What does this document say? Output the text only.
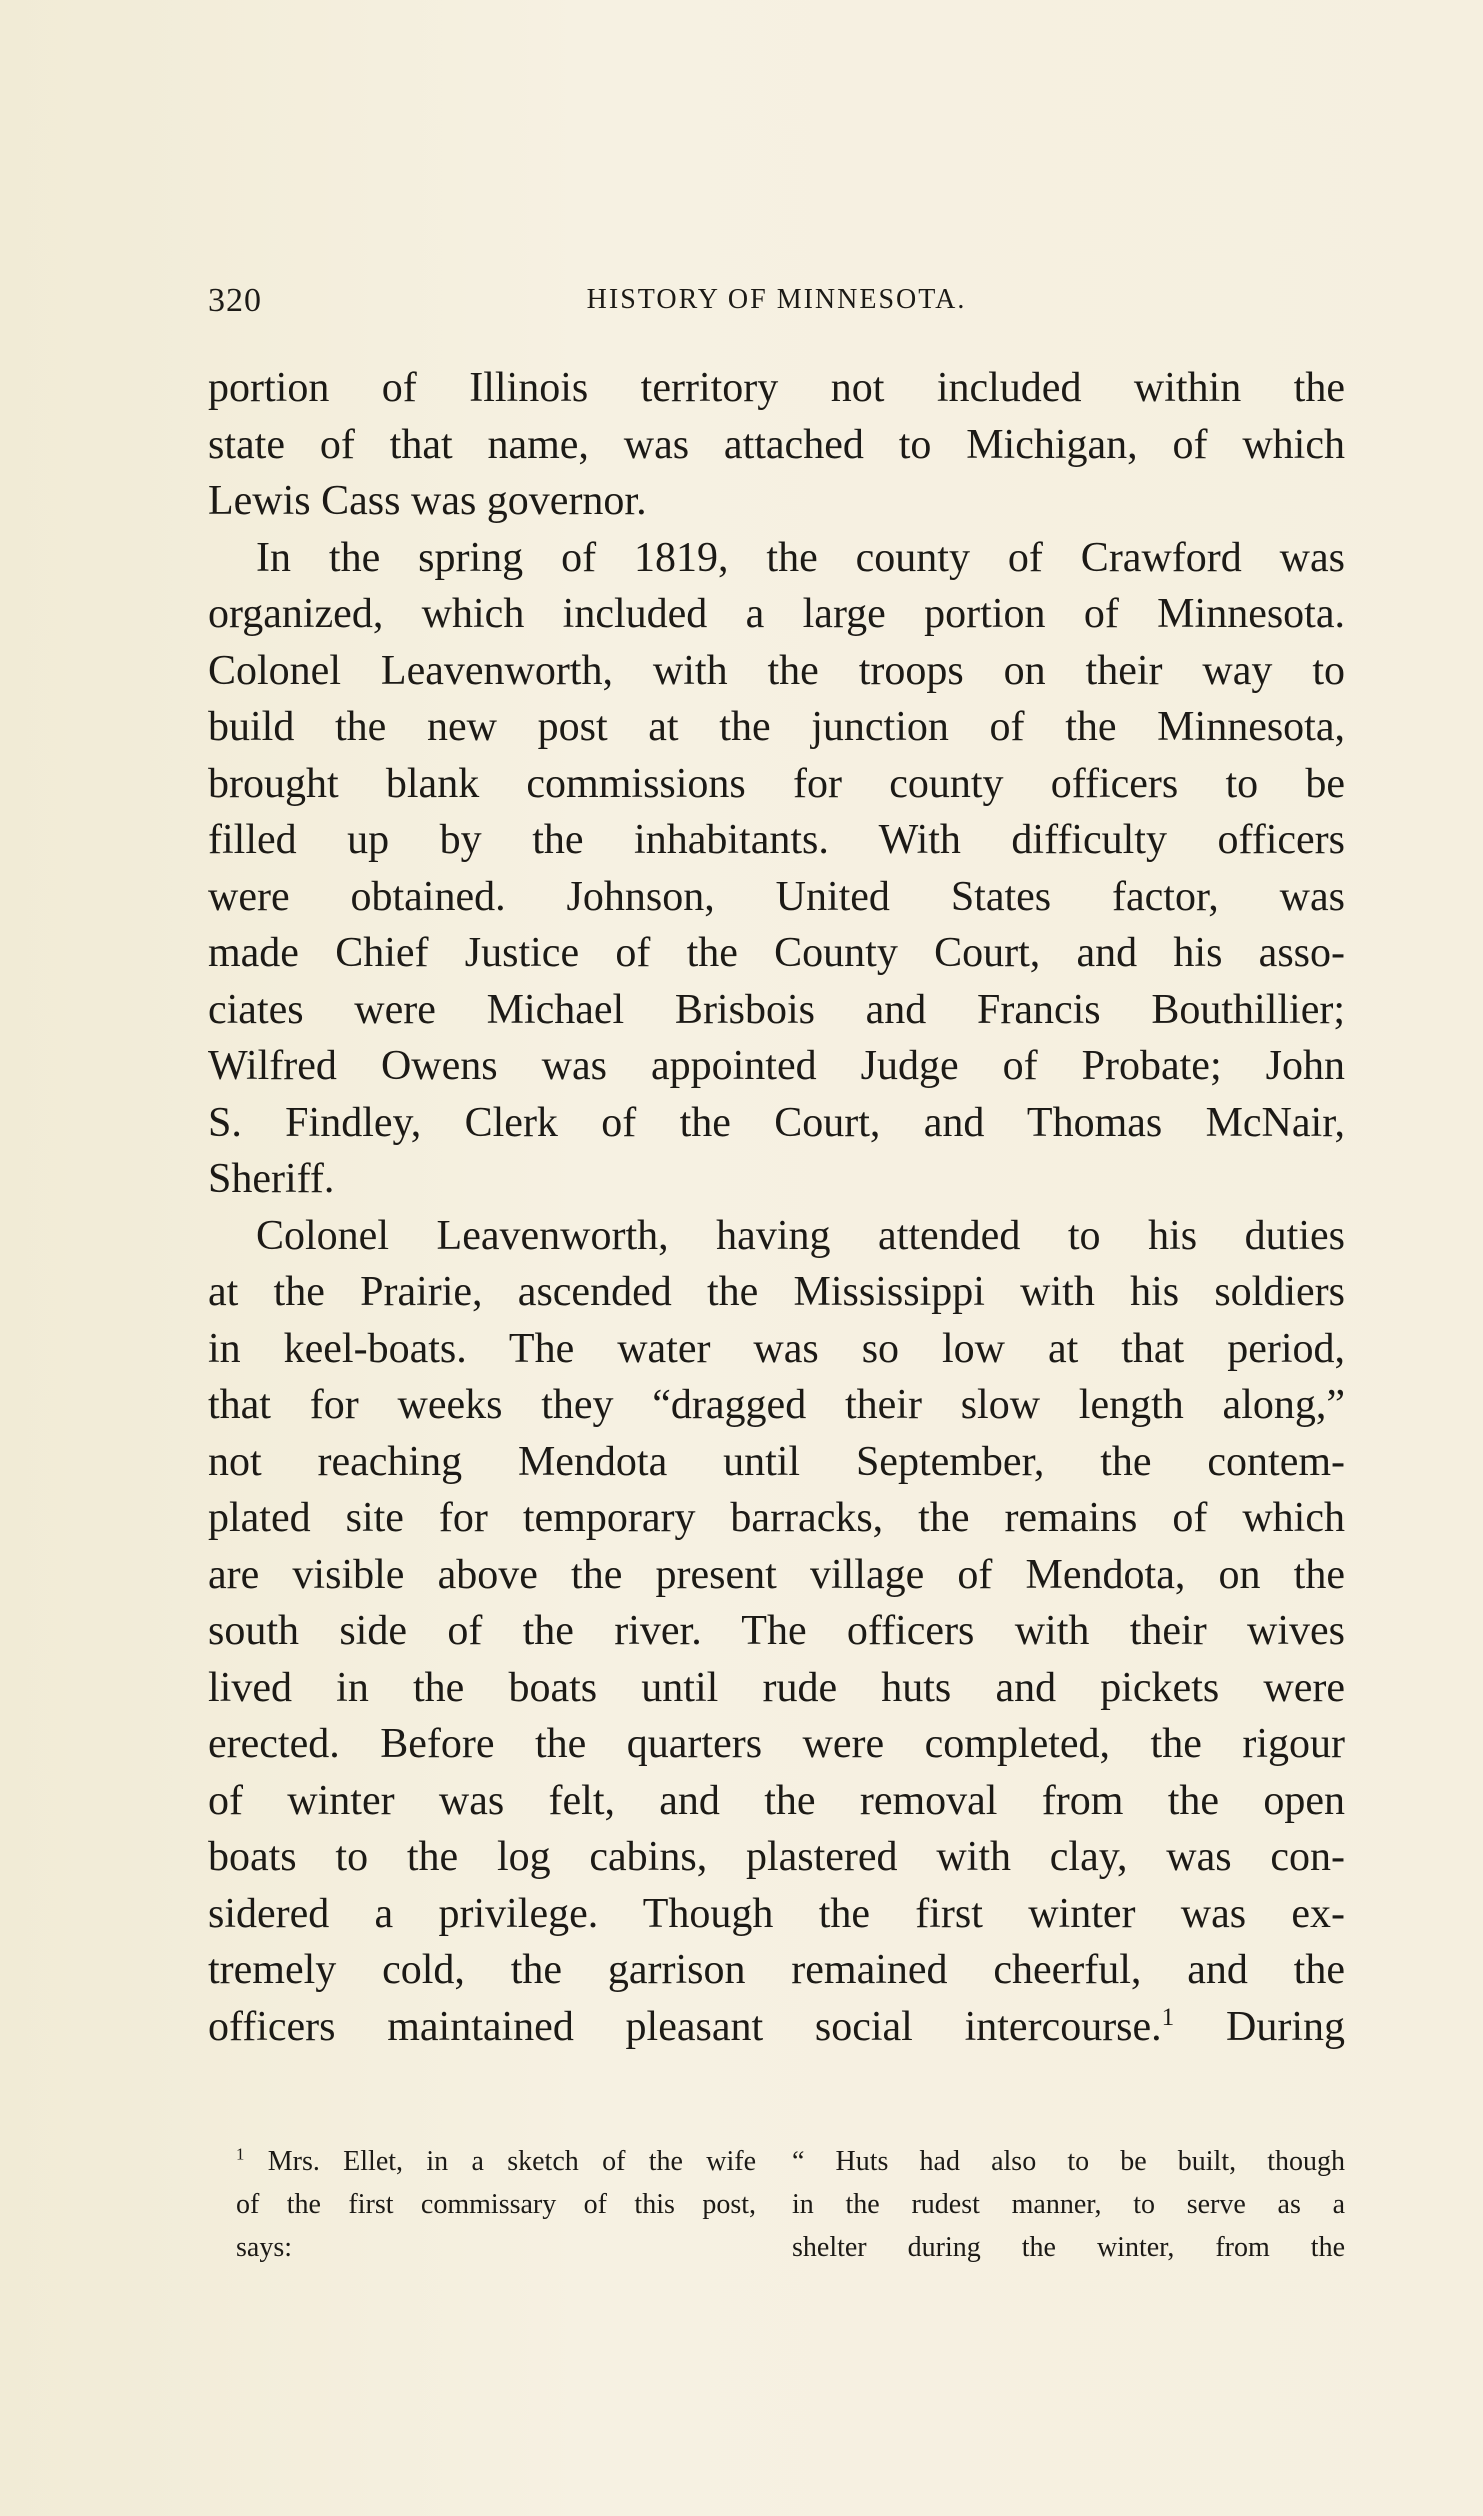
320	HISTORY OF MINNESOTA.
portion of Illinois territory not included within the
state of that name, was attached to Michigan, of which
Lewis Cass was governor.
In the spring of 1819, the county of Crawford was
organized, which included a large portion of Minnesota.
Colonel Leavenworth, with the troops on their way to
build the new post at the junction of the Minnesota,
brought blank commissions for county officers to be
filled up by the inhabitants. With difficulty officers
were obtained. Johnson, United States factor, was
made Chief Justice of the County Court, and his asso-
ciates were Michael Brisbois and Francis Bouthillier;
Wilfred Owens was appointed Judge of Probate; John
S. Findley, Clerk of the Court, and Thomas McNair,
Sheriff.
Colonel Leavenworth, having attended to his duties
at the Prairie, ascended the Mississippi with his soldiers
in keel-boats. The water was so low at that period,
that for weeks they “dragged their slow length along,”
not reaching Mendota until September, the contem-
plated site for temporary barracks, the remains of which
are visible above the present village of Mendota, on the
south side of the river. The officers with their wives
lived in the boats until rude huts and pickets were
erected. Before the quarters were completed, the rigour
of winter was felt, and the removal from the open
boats to the log cabins, plastered with clay, was con-
sidered a privilege. Though the first winter was ex-
tremely cold, the garrison remained cheerful, and the
officers maintained pleasant social intercourse.$^1$ During
$^1$ Mrs. Ellet, in a sketch of the wife
of the first commissary of this post,
says:
“ Huts had also to be built, though
in the rudest manner, to serve as a
shelter during the winter, from the
